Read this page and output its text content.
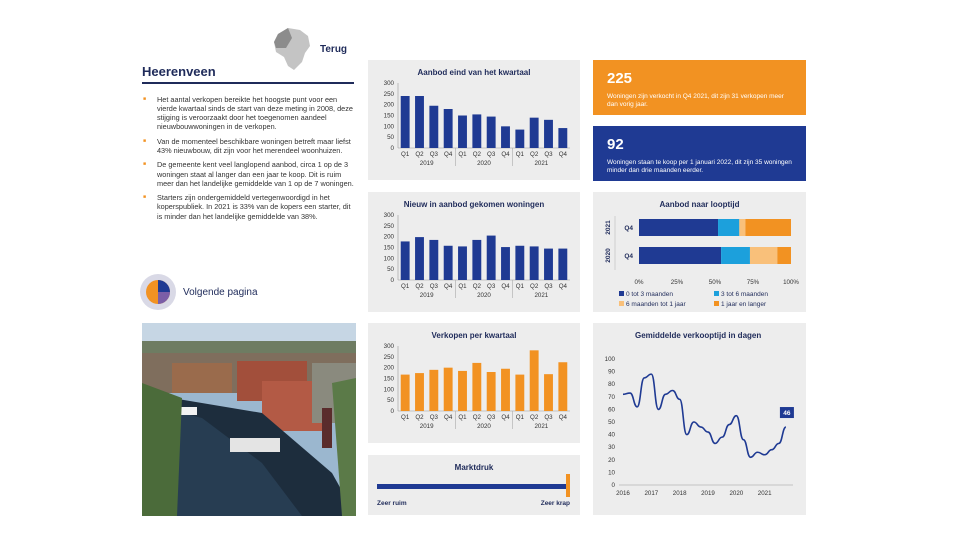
Terug
Heerenveen
■ Het aantal verkopen bereikte het hoogste punt voor een vierde kwartaal sinds de start van deze meting in 2008, deze stijging is veroorzaakt door het toegenomen aandeel nieuwbouwwoningen in de verkopen.
■ Van de momenteel beschikbare woningen betreft maar liefst 43% nieuwbouw, dit zijn voor het merendeel woonhuizen.
■ De gemeente kent veel langlopend aanbod, circa 1 op de 3 woningen staat al langer dan een jaar te koop. Dit is ruim meer dan het landelijke gemiddelde van 1 op de 7 woningen.
■ Starters zijn ondergemiddeld vertegenwoordigd in het koperspubliek. In 2021 is 33% van de kopers een starter, dit is minder dan het landelijke gemiddelde van 38%.
Volgende pagina
Aanbod eind van het kwartaal
0
50
100
150
200
250
300
Q1 Q2 Q3 Q4 Q1 Q2 Q3 Q4 Q1 Q2 Q3 Q4
2019	2020	2021
Nieuw in aanbod gekomen woningen
0
50
100
150
200
250
300
Q1 Q2 Q3 Q4 Q1 Q2 Q3 Q4 Q1 Q2 Q3 Q4
2019	2020	2021
Verkopen per kwartaal
0
50
100
150
200
250
300
Q1 Q2 Q3 Q4 Q1 Q2 Q3 Q4 Q1 Q2 Q3 Q4
2019	2020	2021
Marktdruk
Zeer ruim	Zeer krap
225
Woningen zijn verkocht in Q4 2021, dit zijn 31 verkopen meer dan vorig jaar.
92
Woningen staan te koop per 1 januari 2022, dit zijn 35 woningen minder dan drie maanden eerder.
Aanbod naar looptijd
Q4
2021
Q4
2020
0%	25%	50%	75%	100%
0 tot 3 maanden	3 tot 6 maanden
6 maanden tot 1 jaar	1 jaar en langer
Gemiddelde verkooptijd in dagen
0
10
20
30
40
50
60
70
80
90
100
2016 2017 2018 2019 2020 2021
46
